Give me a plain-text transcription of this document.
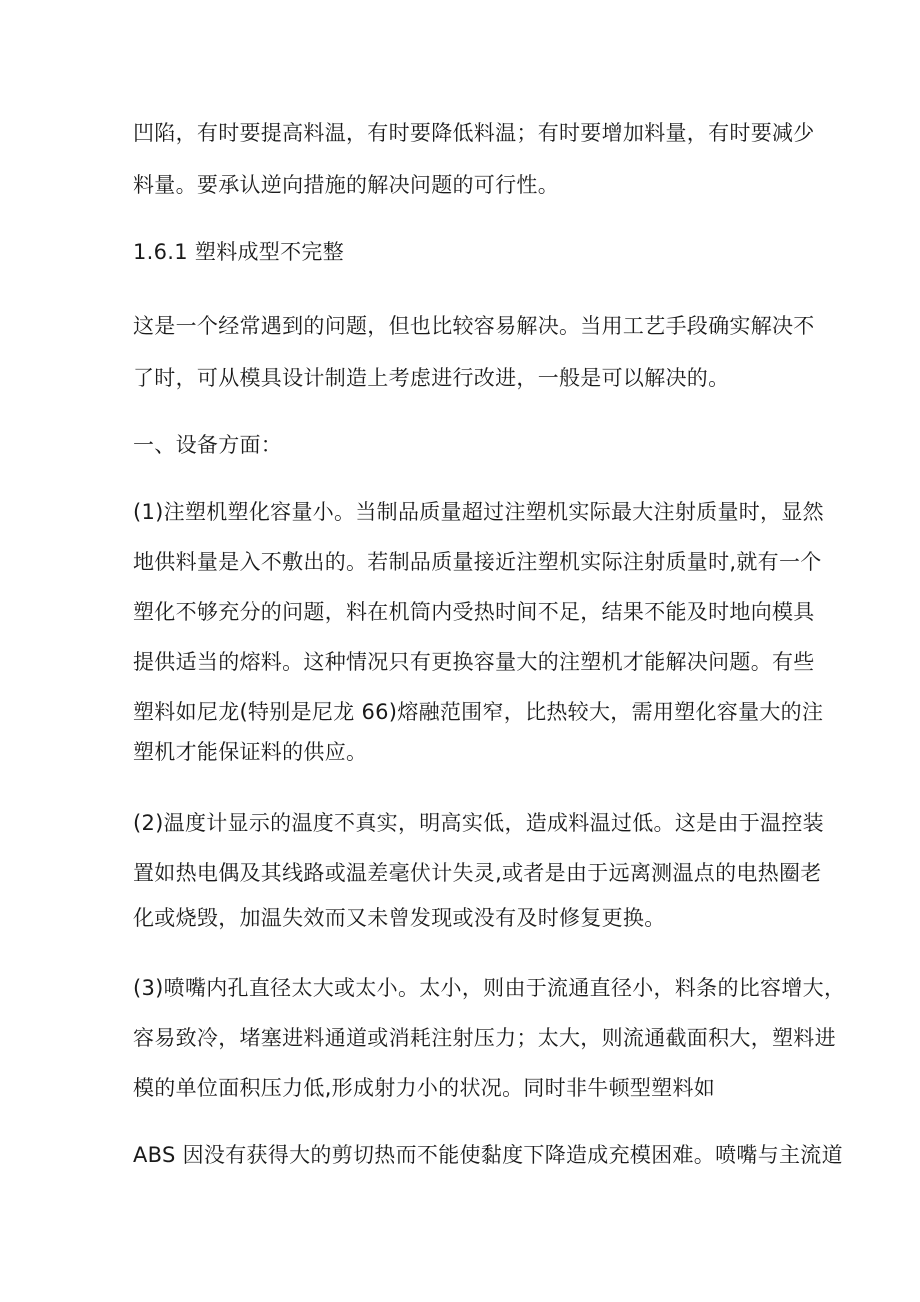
凹陷，有时要提高料温，有时要降低料温；有时要增加料量，有时要减少
料量。要承认逆向措施的解决问题的可行性。
1.6.1 塑料成型不完整
这是一个经常遇到的问题，但也比较容易解决。当用工艺手段确实解决不
了时，可从模具设计制造上考虑进行改进，一般是可以解决的。
一、设备方面：
(1)注塑机塑化容量小。当制品质量超过注塑机实际最大注射质量时，显然
地供料量是入不敷出的。若制品质量接近注塑机实际注射质量时,就有一个
塑化不够充分的问题，料在机筒内受热时间不足，结果不能及时地向模具
提供适当的熔料。这种情况只有更换容量大的注塑机才能解决问题。有些
塑料如尼龙(特别是尼龙 66)熔融范围窄，比热较大，需用塑化容量大的注
塑机才能保证料的供应。
(2)温度计显示的温度不真实，明高实低，造成料温过低。这是由于温控装
置如热电偶及其线路或温差毫伏计失灵,或者是由于远离测温点的电热圈老
化或烧毁，加温失效而又未曾发现或没有及时修复更换。
(3)喷嘴内孔直径太大或太小。太小，则由于流通直径小，料条的比容增大，
容易致冷，堵塞进料通道或消耗注射压力；太大，则流通截面积大，塑料进
模的单位面积压力低,形成射力小的状况。同时非牛顿型塑料如
ABS 因没有获得大的剪切热而不能使黏度下降造成充模困难。喷嘴与主流道
